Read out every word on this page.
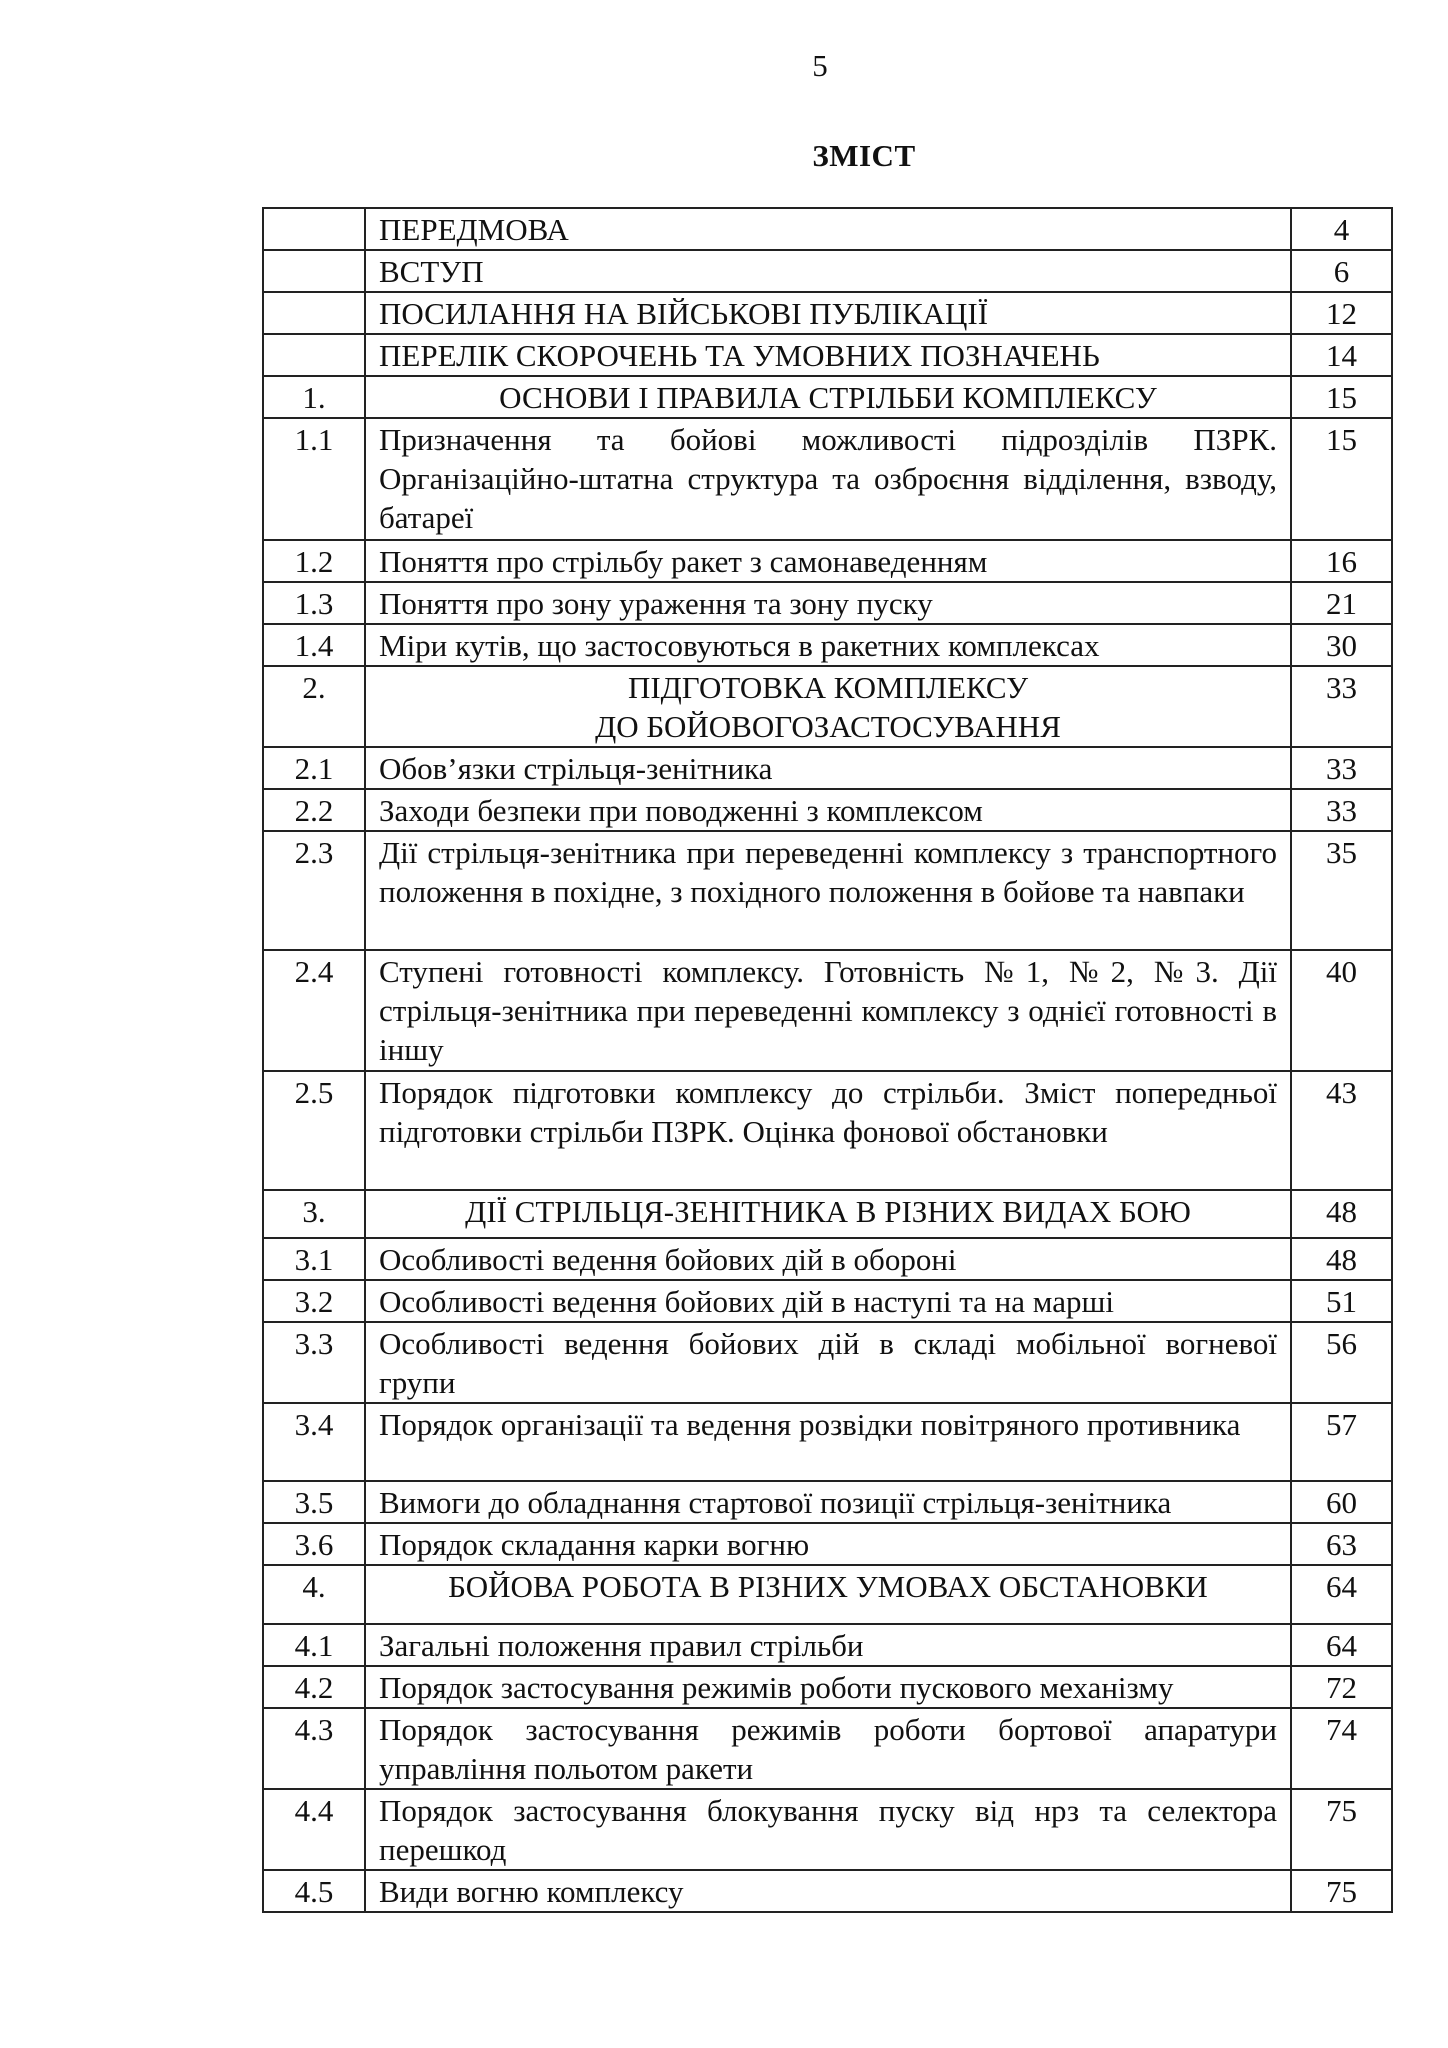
5
ЗМІСТ
	ПЕРЕДМОВА	4
	ВСТУП	6
	ПОСИЛАННЯ НА ВІЙСЬКОВІ ПУБЛІКАЦІЇ	12
	ПЕРЕЛІК СКОРОЧЕНЬ ТА УМОВНИХ ПОЗНАЧЕНЬ	14
1.	ОСНОВИ І ПРАВИЛА СТРІЛЬБИ КОМПЛЕКСУ	15
1.1	Призначення та бойові можливості підрозділів ПЗРК. Організаційно-штатна структура та озброєння відділення, взводу, батареї	15
1.2	Поняття про стрільбу ракет з самонаведенням	16
1.3	Поняття про зону ураження та зону пуску	21
1.4	Міри кутів, що застосовуються в ракетних комплексах	30
2.	ПІДГОТОВКА КОМПЛЕКСУ
ДО БОЙОВОГОЗАСТОСУВАННЯ	33
2.1	Обов’язки стрільця-зенітника	33
2.2	Заходи безпеки при поводженні з комплексом	33
2.3	Дії стрільця-зенітника при переведенні комплексу з транспортного положення в похідне, з похідного положення в бойове та навпаки	35
2.4	Ступені готовності комплексу. Готовність №1, №2, №3. Дії стрільця-зенітника при переведенні комплексу з однієї готовності в іншу	40
2.5	Порядок підготовки комплексу до стрільби. Зміст попередньої підготовки стрільби ПЗРК. Оцінка фонової обстановки	43
3.	ДІЇ СТРІЛЬЦЯ-ЗЕНІТНИКА В РІЗНИХ ВИДАХ БОЮ	48
3.1	Особливості ведення бойових дій в обороні	48
3.2	Особливості ведення бойових дій в наступі та на марші	51
3.3	Особливості ведення бойових дій в складі мобільної вогневої групи	56
3.4	Порядок організації та ведення розвідки повітряного противника	57
3.5	Вимоги до обладнання стартової позиції стрільця-зенітника	60
3.6	Порядок складання карки вогню	63
4.	БОЙОВА РОБОТА В РІЗНИХ УМОВАХ ОБСТАНОВКИ	64
4.1	Загальні положення правил стрільби	64
4.2	Порядок застосування режимів роботи пускового механізму	72
4.3	Порядок застосування режимів роботи бортової апаратури управління польотом ракети	74
4.4	Порядок застосування блокування пуску від нрз та селектора перешкод	75
4.5	Види вогню комплексу	75
